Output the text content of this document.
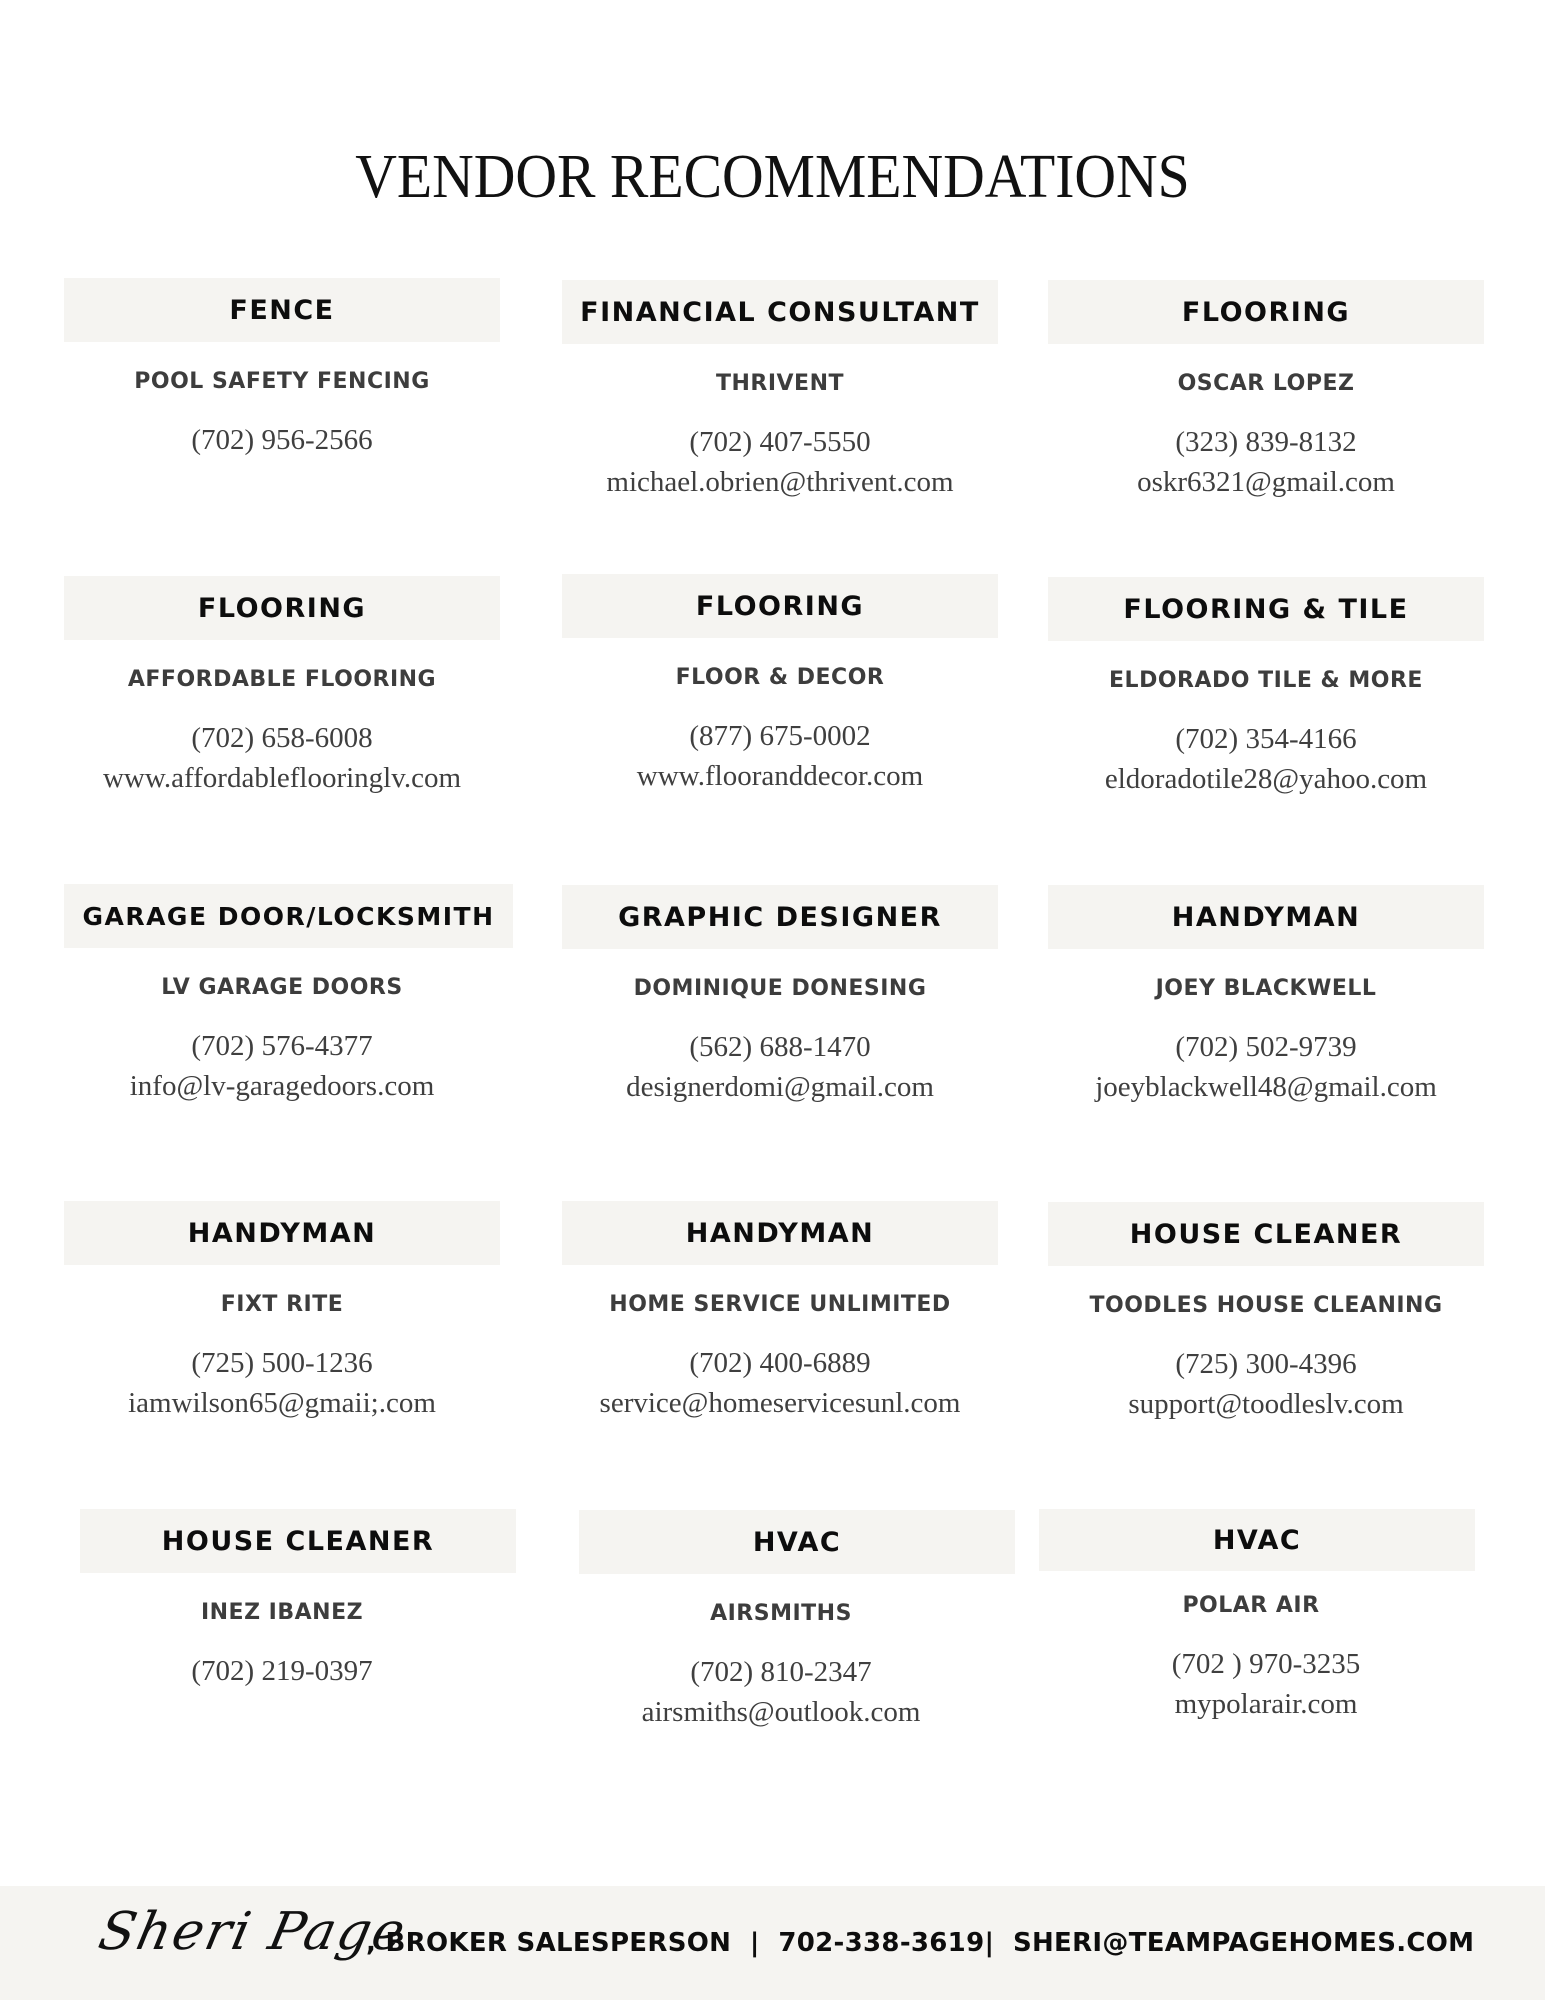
VENDOR RECOMMENDATIONS
FENCE
POOL SAFETY FENCING
(702) 956-2566
FINANCIAL CONSULTANT
THRIVENT
(702) 407-5550
michael.obrien@thrivent.com
FLOORING
OSCAR LOPEZ
(323) 839-8132
oskr6321@gmail.com
FLOORING
AFFORDABLE FLOORING
(702) 658-6008
www.affordableflooringlv.com
FLOORING
FLOOR & DECOR
(877) 675-0002
www.flooranddecor.com
FLOORING & TILE
ELDORADO TILE & MORE
(702) 354-4166
eldoradotile28@yahoo.com
GARAGE DOOR/LOCKSMITH
LV GARAGE DOORS
(702) 576-4377
info@lv-garagedoors.com
GRAPHIC DESIGNER
DOMINIQUE DONESING
(562) 688-1470
designerdomi@gmail.com
HANDYMAN
JOEY BLACKWELL
(702) 502-9739
joeyblackwell48@gmail.com
HANDYMAN
FIXT RITE
(725) 500-1236
iamwilson65@gmaii;.com
HANDYMAN
HOME SERVICE UNLIMITED
(702) 400-6889
service@homeservicesunl.com
HOUSE CLEANER
TOODLES HOUSE CLEANING
(725) 300-4396
support@toodleslv.com
HOUSE CLEANER
INEZ IBANEZ
(702) 219-0397
HVAC
AIRSMITHS
(702) 810-2347
airsmiths@outlook.com
HVAC
POLAR AIR
(702 ) 970-3235
mypolarair.com
Sheri Page
, BROKER SALESPERSON  |  702-338-3619|  SHERI@TEAMPAGEHOMES.COM
